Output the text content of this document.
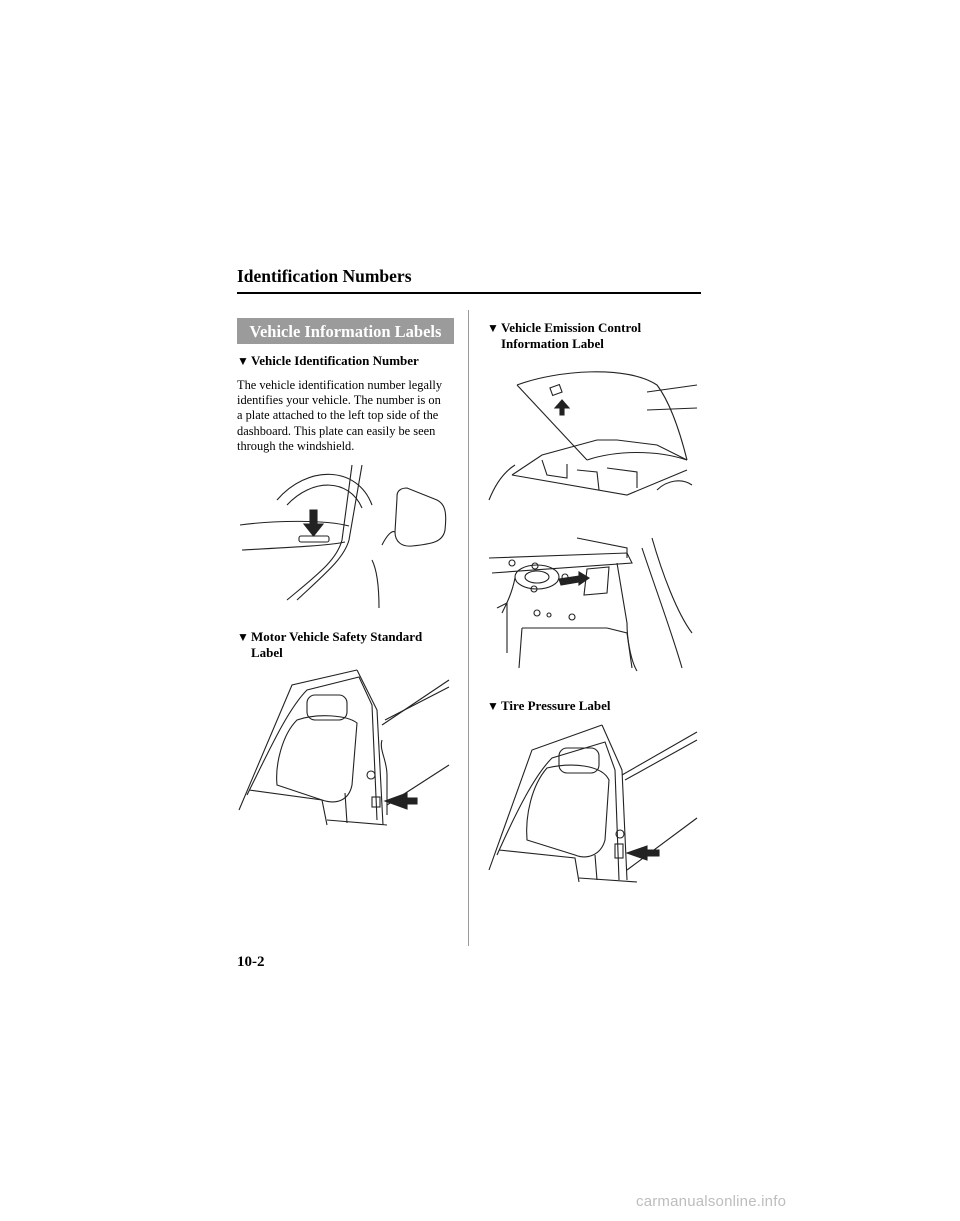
Identification Numbers
Vehicle Information Labels
▼ Vehicle Identification Number

The vehicle identification number legally

identifies your vehicle. The number is on

a plate attached to the left top side of the

dashboard. This plate can easily be seen

through the windshield.

▼ Motor Vehicle Safety Standard
Label
▼ Vehicle Emission Control
Information Label
▼ Tire Pressure Label
10-2
carmanualsonline.info
